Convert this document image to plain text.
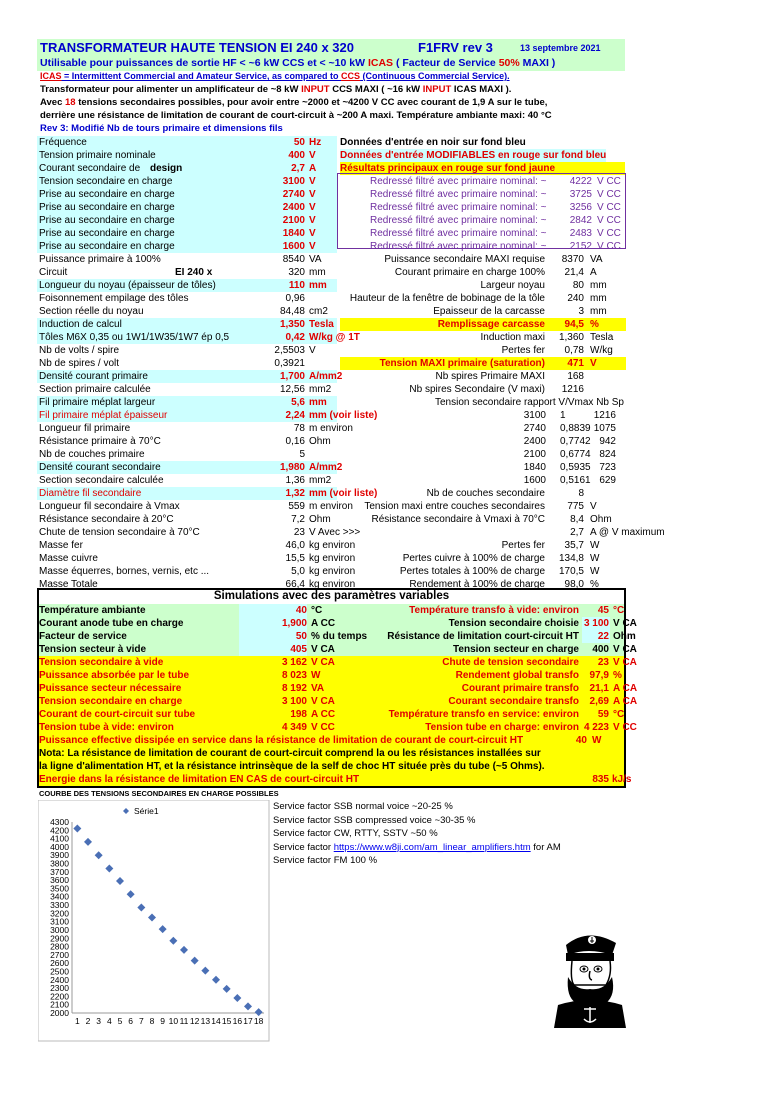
TRANSFORMATEUR HAUTE TENSION EI 240 x 320	F1FRV rev 3	13 septembre 2021
Utilisable pour puissances de sortie HF < ~6 kW CCS et < ~10 kW ICAS ( Facteur de Service 50% MAXI )
ICAS = Intermittent Commercial and Amateur Service, as compared to CCS (Continuous Commercial Service).
Transformateur pour alimenter un amplificateur de ~8 kW INPUT CCS MAXI ( ~16 kW INPUT ICAS MAXI ).
Avec 18 tensions secondaires possibles, pour avoir entre ~2000 et ~4200 V CC avec courant de 1,9 A sur le tube,
derrière une résistance de limitation de courant de court-circuit à ~200 A maxi. Température ambiante maxi: 40 °C
Rev 3: Modifié Nb de tours primaire et dimensions fils
Fréquence	50 Hz
Tension primaire nominale	400 V
Courant secondaire de design	2,7 A
Tension secondaire en charge	3100 V
Prise au secondaire en charge	2740 V
Prise au secondaire en charge	2400 V
Prise au secondaire en charge	2100 V
Prise au secondaire en charge	1840 V
Prise au secondaire en charge	1600 V
Puissance primaire à 100%	8540 VA
Circuit	EI 240 x	320 mm
Longueur du noyau (épaisseur de tôles)	110 mm
Foisonnement empilage des tôles	0,96
Section réelle du noyau	84,48 cm2
Induction de calcul	1,350 Tesla
Tôles M6X 0,35 ou 1W1/1W35/1W7 ép 0,5	0,42 W/kg @ 1T
Nb de volts / spire	2,5503 V
Nb de spires / volt	0,3921
Densité courant primaire	1,700 A/mm2
Section primaire calculée	12,56 mm2
Fil primaire méplat largeur	5,6 mm
Fil primaire méplat épaisseur	2,24 mm (voir liste)
Longueur fil primaire	78 m environ
Résistance primaire à 70°C	0,16 Ohm
Nb de couches primaire	5
Densité courant secondaire	1,980 A/mm2
Section secondaire calculée	1,36 mm2
Diamètre fil secondaire	1,32 mm (voir liste)
Longueur fil secondaire à Vmax	559 m environ
Résistance secondaire à 20°C	7,2 Ohm
Chute de tension secondaire à 70°C	23 V Avec >>>
Masse fer	46,0 kg environ
Masse cuivre	15,5 kg environ
Masse équerres, bornes, vernis, etc ...	5,0 kg environ
Masse Totale	66,4 kg environ
Données d'entrée en noir sur fond bleu
Données d'entrée MODIFIABLES en rouge sur fond bleu
Résultats principaux en rouge sur fond jaune
Redressé filtré avec primaire nominal: ~	4222 V CC
Redressé filtré avec primaire nominal: ~	3725 V CC
Redressé filtré avec primaire nominal: ~	3256 V CC
Redressé filtré avec primaire nominal: ~	2842 V CC
Redressé filtré avec primaire nominal: ~	2483 V CC
Redressé filtré avec primaire nominal: ~	2152 V CC
Puissance secondaire MAXI requise	8370 VA
Courant primaire en charge 100%	21,4 A
Largeur noyau	80 mm
Hauteur de la fenêtre de bobinage de la tôle	240 mm
Epaisseur de la carcasse	3 mm
Remplissage carcasse	94,5 %
Induction maxi	1,360 Tesla
Pertes fer	0,78 W/kg
Tension MAXI primaire (saturation)	471 V
Nb spires Primaire MAXI	168
Nb spires Secondaire (V maxi)	1216
Tension secondaire rapport V/Vmax Nb Sp
3100 1	1216
2740 0,8839 1075
2400 0,7742 942
2100 0,6774 824
1840 0,5935 723
1600 0,5161 629
Nb de couches secondaire	8
Tension maxi entre couches secondaires	775 V
Résistance secondaire à Vmaxi à 70°C	8,4 Ohm
2,7 A @ V maximum
Pertes fer	35,7 W
Pertes cuivre à 100% de charge	134,8 W
Pertes totales à 100% de charge	170,5 W
Rendement à 100% de charge	98,0 %
Simulations avec des paramètres variables
Température ambiante	40 °C	Température transfo à vide: environ	45 °C
Courant anode tube en charge	1,900 A CC	Tension secondaire choisie 3 100 V CA
Facteur de service	50 % du temps	Résistance de limitation court-circuit HT	22 Ohm
Tension secteur à vide	405 V CA	Tension secteur en charge	400 V CA
Tension secondaire à vide	3 162 V CA	Chute de tension secondaire	23 V CA
Puissance absorbée par le tube	8 023 W	Rendement global transfo	97,9 %
Puissance secteur nécessaire	8 192 VA	Courant primaire transfo	21,1 A CA
Tension secondaire en charge	3 100 V CA	Courant secondaire transfo	2,69 A CA
Courant de court-circuit sur tube	198 A CC	Température transfo en service: environ	59 °C
Tension tube à vide: environ	4 349 V CC	Tension tube en charge: environ 4 223 V CC
Puissance effective dissipée en service dans la résistance de limitation de courant de court-circuit HT	40 W
Nota: La résistance de limitation de courant de court-circuit comprend la ou les résistances installées sur
la ligne d'alimentation HT, et la résistance intrinsèque de la self de choc HT située près du tube (~5 Ohms).
Energie dans la résistance de limitation EN CAS de court-circuit HT	835 kJ/s
COURBE DES TENSIONS SECONDAIRES EN CHARGE POSSIBLES
2000
2100
2200
2300
2400
2500
2600
2700
2800
2900
3000
3100
3200
3300
3400
3500
3600
3700
3800
3900
4000
4100
4200
4300
1 2 3 4 5 6 7 8 9 10 11 12 13 14 15 16 17 18
Série1	Service factor SSB normal voice ~20-25 %
Service factor SSB compressed voice ~30-35 %
Service factor CW, RTTY, SSTV ~50 %
Service factor https://www.w8ji.com/am_linear_amplifiers.htm for AM
Service factor FM 100 %
